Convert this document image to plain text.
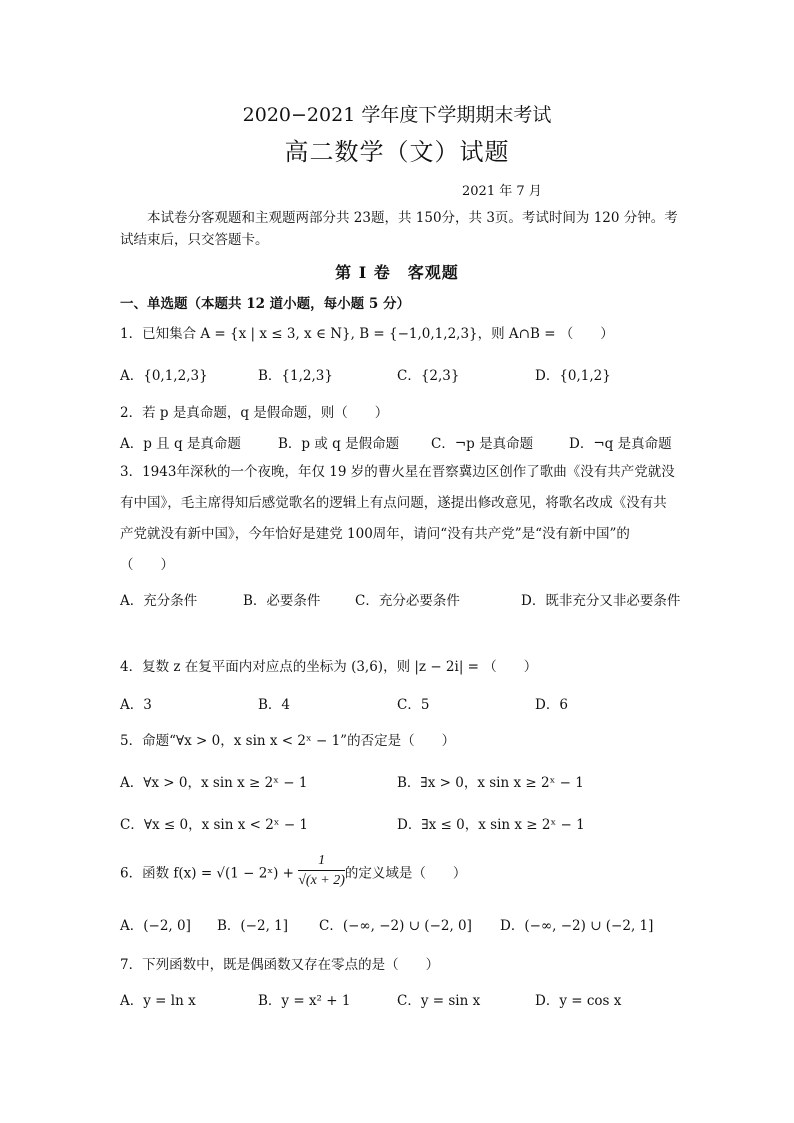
2020−2021 学年度下学期期末考试
高二数学（文）试题
2021 年 7 月
本试卷分客观题和主观题两部分共 23题，共 150分，共 3页。考试时间为 120 分钟。考试结束后，只交答题卡。
第 Ⅰ 卷　客观题
一、单选题（本题共 12 道小题，每小题 5 分）
1．已知集合 A = {x | x ≤ 3, x ∈ N}, B = {−1,0,1,2,3}，则 A∩B = （　　）
A．{0,1,2,3}	B．{1,2,3}	C．{2,3}	D．{0,1,2}
2．若 p 是真命题，q 是假命题，则（　　）
A．p 且 q 是真命题	B．p 或 q 是假命题 C．¬p 是真命题	D．¬q 是真命题
3．1943年深秋的一个夜晚，年仅 19 岁的曹火星在晋察冀边区创作了歌曲《没有共产党就没有中国》，毛主席得知后感觉歌名的逻辑上有点问题，遂提出修改意见，将歌名改成《没有共产党就没有新中国》，今年恰好是建党 100周年，请问“没有共产党”是“没有新中国”的（　　）
A．充分条件	B．必要条件	C．充分必要条件	D．既非充分又非必要条件
4．复数 z 在复平面内对应点的坐标为 (3,6)，则 |z − 2i| = （　　）
A．3	B．4	C．5	D．6
5．命题“∀x > 0，x sin x < 2ˣ − 1”的否定是（　　）
A．∀x > 0，x sin x ≥ 2ˣ − 1	B．∃x > 0，x sin x ≥ 2ˣ − 1
C．∀x ≤ 0，x sin x < 2ˣ − 1	D．∃x ≤ 0，x sin x ≥ 2ˣ − 1
6．函数 f(x) = √(1 − 2ˣ) + $\frac{1}{√(x + 2)}$ 的定义域是（　　）
A．(−2, 0] B．(−2, 1] C．(−∞, −2) ∪ (−2, 0] D．(−∞, −2) ∪ (−2, 1]
7．下列函数中，既是偶函数又存在零点的是（　　）
A．y = ln x	B．y = x² + 1	C．y = sin x	D．y = cos x
